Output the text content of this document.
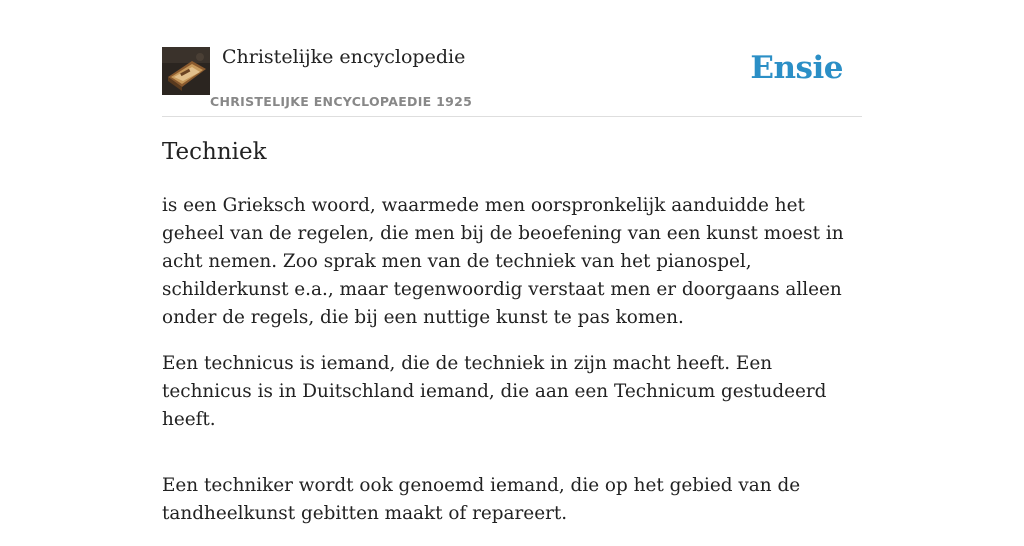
Christelijke encyclopedie
CHRISTELIJKE ENCYCLOPAEDIE 1925
Ensie
Techniek

is een Grieksch woord, waarmede men oorspronkelijk aanduidde het geheel van de regelen, die men bij de beoefening van een kunst moest in acht nemen. Zoo sprak men van de techniek van het pianospel, schilderkunst e.a., maar tegenwoordig verstaat men er doorgaans alleen onder de regels, die bij een nuttige kunst te pas komen.

Een technicus is iemand, die de techniek in zijn macht heeft. Een technicus is in Duitschland iemand, die aan een Technicum gestudeerd heeft.

Een techniker wordt ook genoemd iemand, die op het gebied van de tandheelkunst gebitten maakt of repareert.
